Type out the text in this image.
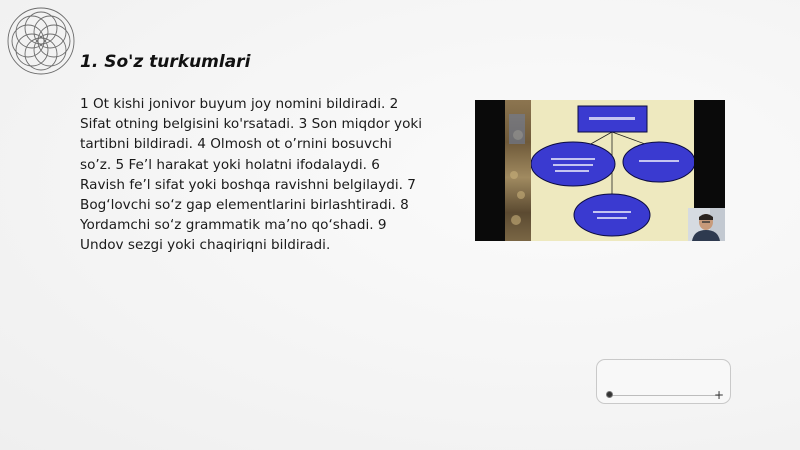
1. So'z turkumlari

1 Ot kishi jonivor buyum joy nomini bildiradi. 2 Sifat otning belgisini ko'rsatadi. 3 Son miqdor yoki tartibni bildiradi. 4 Olmosh ot o’rnini bosuvchi so’z. 5 Fe’l harakat yoki holatni ifodalaydi. 6 Ravish fe’l sifat yoki boshqa ravishni belgilaydi. 7 Bog‘lovchi so‘z gap elementlarini birlashtiradi. 8 Yordamchi so‘z grammatik ma’no qo‘shadi. 9 Undov sezgi yoki chaqiriqni bildiradi.

+
